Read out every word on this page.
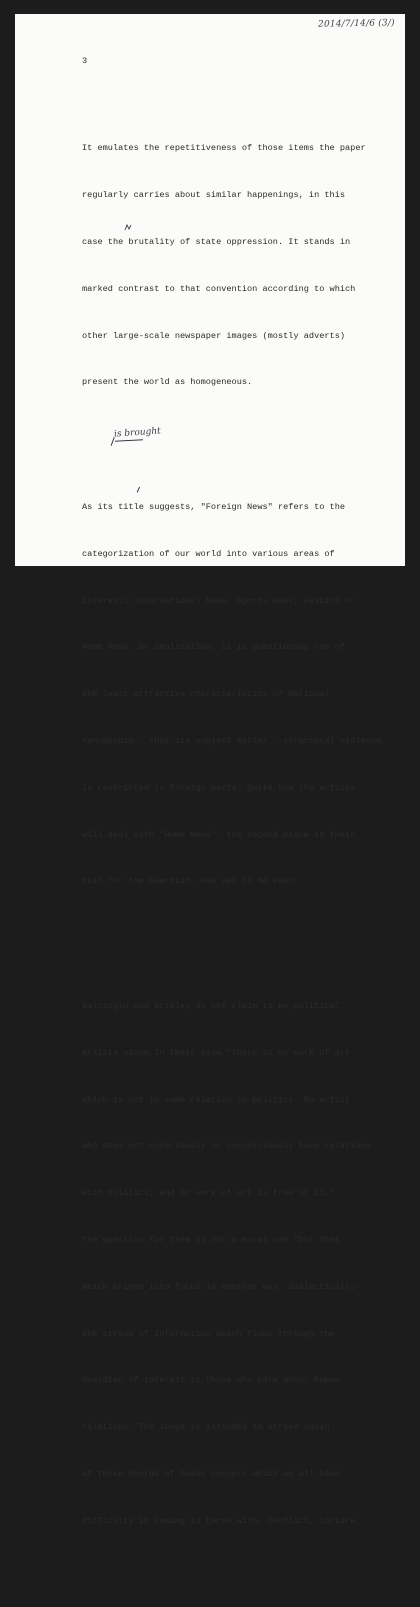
2014/7/14/6 (3/)
3

It emulates the repetitiveness of those items the paper

regularly carries about similar happenings, in this

case the brutality of state oppression. It stands in

marked contrast to that convention according to which

other large-scale newspaper images (mostly adverts)

present the world as homogeneous.

As its title suggests, "Foreign News" refers to the

categorization of our world into various areas of

interest: International News, Sports News, Fashion or

Home News. By implication, it is questioning one of

the least attractive characteristics of National

xenophobia - that its subject matter - structural violence

is restricted to foreign parts. Quite how the artists

will deal with "Home News", the second piece in their

pair for the Guardian, has yet to be seen.

Balcioglu and Brisley do not claim to be political

artists since in their view "there is no work of art

which is not in some relation to politics. No artist

who does not consciously or unconsciously have relations

with politics, and no work of art is free of it."

The question for them is not a moral one "but that

which brings into focus in another way, dialectically-

the stream of information which flows through the

Guardian of interest to those who care about human

relations. The image is intended to strike again

at those chords of human concern which we all have

difficulty in coming to terms with- conflict, torture,

is brought
